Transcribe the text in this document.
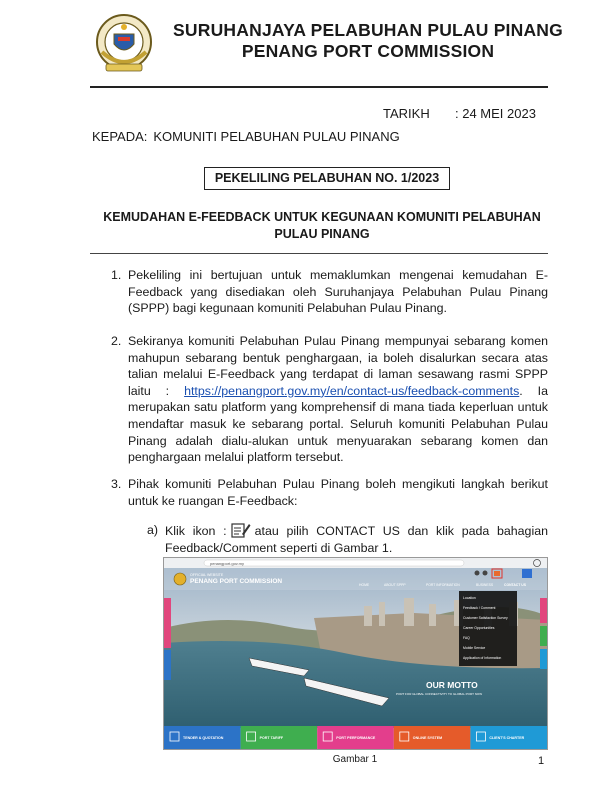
SURUHANJAYA PELABUHAN PULAU PINANG
PENANG PORT COMMISSION
TARIKH : 24 MEI 2023
KEPADA: KOMUNITI PELABUHAN PULAU PINANG
PEKELILING PELABUHAN NO. 1/2023
KEMUDAHAN E-FEEDBACK UNTUK KEGUNAAN KOMUNITI PELABUHAN
PULAU PINANG
1. Pekeliling ini bertujuan untuk memaklumkan mengenai kemudahan E-Feedback yang disediakan oleh Suruhanjaya Pelabuhan Pulau Pinang (SPPP) bagi kegunaan komuniti Pelabuhan Pulau Pinang.
2. Sekiranya komuniti Pelabuhan Pulau Pinang mempunyai sebarang komen mahupun sebarang bentuk penghargaan, ia boleh disalurkan secara atas talian melalui E-Feedback yang terdapat di laman sesawang rasmi SPPP laitu : https://penangport.gov.my/en/contact-us/feedback-comments. Ia merupakan satu platform yang komprehensif di mana tiada keperluan untuk mendaftar masuk ke sebarang portal. Seluruh komuniti Pelabuhan Pulau Pinang adalah dialu-alukan untuk menyuarakan sebarang komen dan penghargaan melalui platform tersebut.
3. Pihak komuniti Pelabuhan Pulau Pinang boleh mengikuti langkah berikut untuk ke ruangan E-Feedback:
a) Klik ikon : atau pilih CONTACT US dan klik pada bahagian Feedback/Comment seperti di Gambar 1.
penangport.gov.my
OFFICIAL WEBSITE
PENANG PORT COMMISSION	HOME	ABOUT SPPP	PORT INFORMATION	BUSINESS	CONTACT US
Location
Feedback / Comment
Customer Satisfaction Survey
Career Opportunities
FAQ
Mobile Service
Application of Information
OUR MOTTO
PORT FOR GLOBAL CONNECTIVITY TO GLOBAL PORT NOW
TENDER & QUOTATION	PORT TARIFF	PORT PERFORMANCE	ONLINE SYSTEM	CLIENT'S CHARTER
Gambar 1	1
